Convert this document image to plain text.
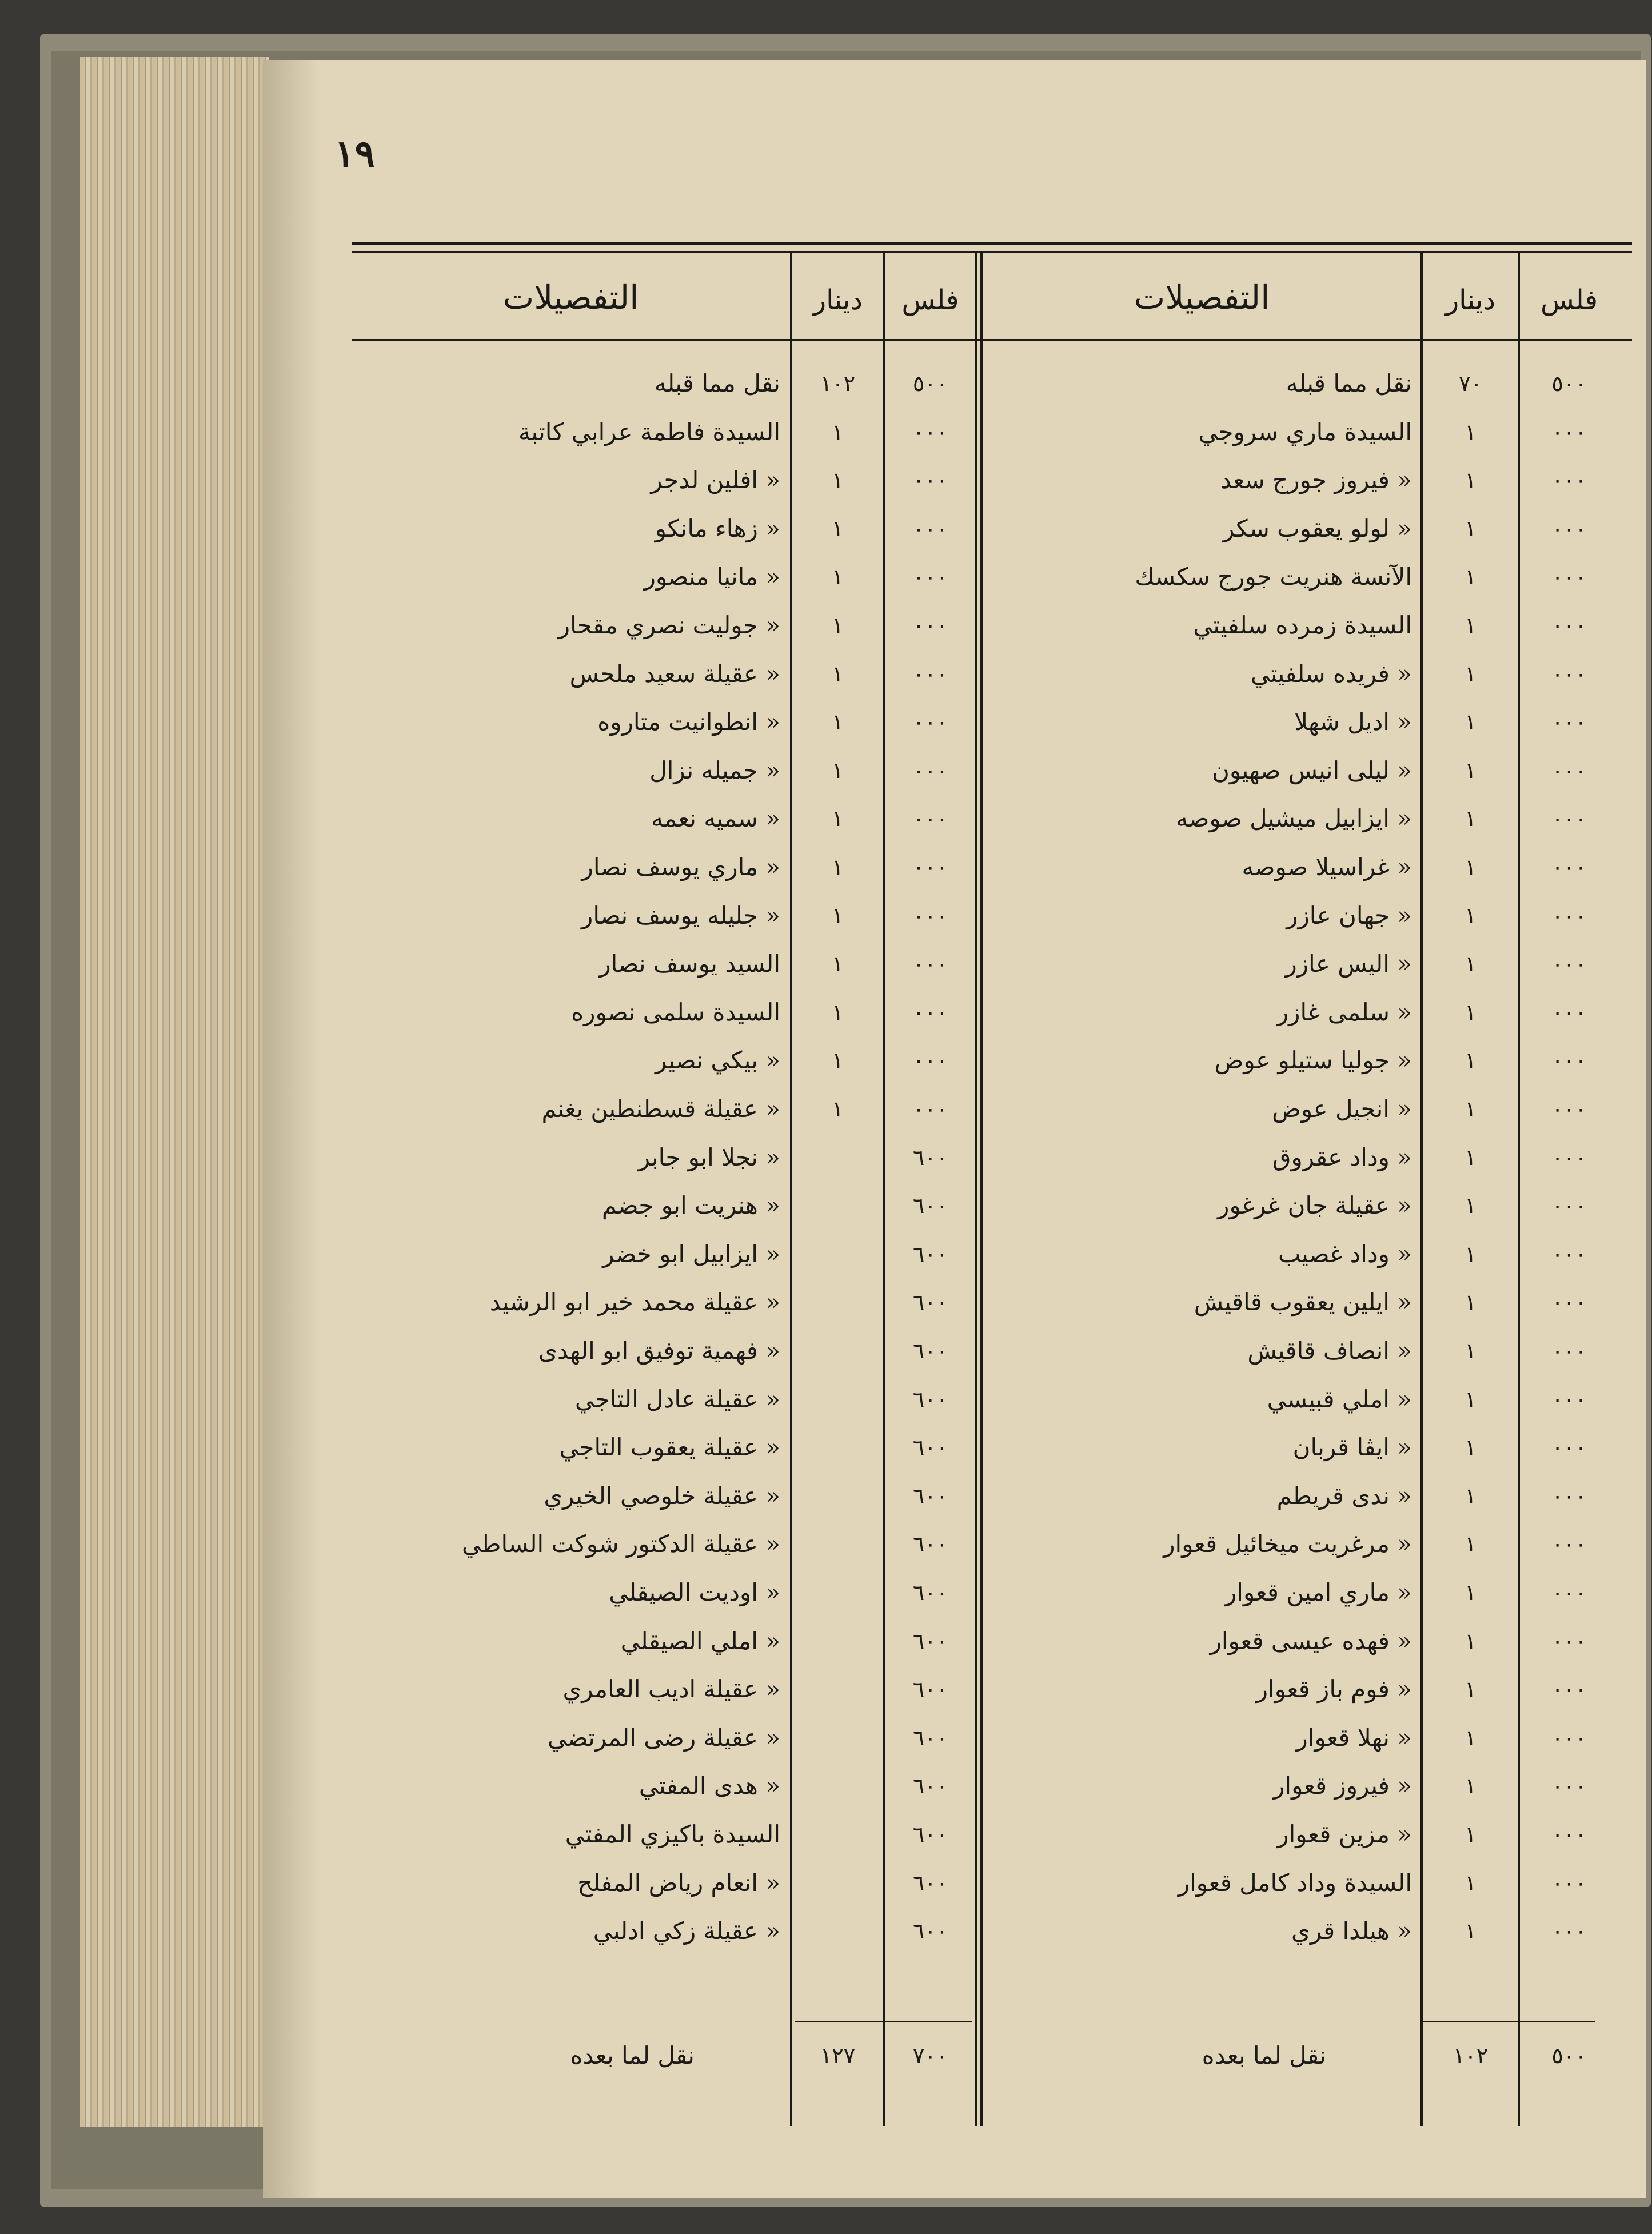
١٩
فلس
دينار
التفصيلات
فلس
دينار
التفصيلات
٥٠٠
٧٠
نقل مما قبله
٠٠٠
١
السيدة ماري سروجي
٠٠٠
١
« فيروز جورج سعد
٠٠٠
١
« لولو يعقوب سكر
٠٠٠
١
الآنسة هنريت جورج سكسك
٠٠٠
١
السيدة زمرده سلفيتي
٠٠٠
١
« فريده سلفيتي
٠٠٠
١
« اديل شهلا
٠٠٠
١
« ليلى انيس صهيون
٠٠٠
١
« ايزابيل ميشيل صوصه
٠٠٠
١
« غراسيلا صوصه
٠٠٠
١
« جهان عازر
٠٠٠
١
« اليس عازر
٠٠٠
١
« سلمى غازر
٠٠٠
١
« جوليا ستيلو عوض
٠٠٠
١
« انجيل عوض
٠٠٠
١
« وداد عقروق
٠٠٠
١
« عقيلة جان غرغور
٠٠٠
١
« وداد غصيب
٠٠٠
١
« ايلين يعقوب قاقيش
٠٠٠
١
« انصاف قاقيش
٠٠٠
١
« املي قبيسي
٠٠٠
١
« ايڤا قربان
٠٠٠
١
« ندى قريطم
٠٠٠
١
« مرغريت ميخائيل قعوار
٠٠٠
١
« ماري امين قعوار
٠٠٠
١
« فهده عيسى قعوار
٠٠٠
١
« فوم باز قعوار
٠٠٠
١
« نهلا قعوار
٠٠٠
١
« فيروز قعوار
٠٠٠
١
« مزين قعوار
٠٠٠
١
السيدة وداد كامل قعوار
٠٠٠
١
« هيلدا قري
٥٠٠
١٠٢
نقل لما بعده
٥٠٠
١٠٢
نقل مما قبله
٠٠٠
١
السيدة فاطمة عرابي كاتبة
٠٠٠
١
« افلين لدجر
٠٠٠
١
« زهاء مانكو
٠٠٠
١
« مانيا منصور
٠٠٠
١
« جوليت نصري مقحار
٠٠٠
١
« عقيلة سعيد ملحس
٠٠٠
١
« انطوانيت متاروه
٠٠٠
١
« جميله نزال
٠٠٠
١
« سميه نعمه
٠٠٠
١
« ماري يوسف نصار
٠٠٠
١
« جليله يوسف نصار
٠٠٠
١
السيد يوسف نصار
٠٠٠
١
السيدة سلمى نصوره
٠٠٠
١
« بيكي نصير
٠٠٠
١
« عقيلة قسطنطين يغنم
٦٠٠
« نجلا ابو جابر
٦٠٠
« هنريت ابو جضم
٦٠٠
« ايزابيل ابو خضر
٦٠٠
« عقيلة محمد خير ابو الرشيد
٦٠٠
« فهمية توفيق ابو الهدى
٦٠٠
« عقيلة عادل التاجي
٦٠٠
« عقيلة يعقوب التاجي
٦٠٠
« عقيلة خلوصي الخيري
٦٠٠
« عقيلة الدكتور شوكت الساطي
٦٠٠
« اوديت الصيقلي
٦٠٠
« املي الصيقلي
٦٠٠
« عقيلة اديب العامري
٦٠٠
« عقيلة رضى المرتضي
٦٠٠
« هدى المفتي
٦٠٠
السيدة باكيزي المفتي
٦٠٠
« انعام رياض المفلح
٦٠٠
« عقيلة زكي ادلبي
٧٠٠
١٢٧
نقل لما بعده
